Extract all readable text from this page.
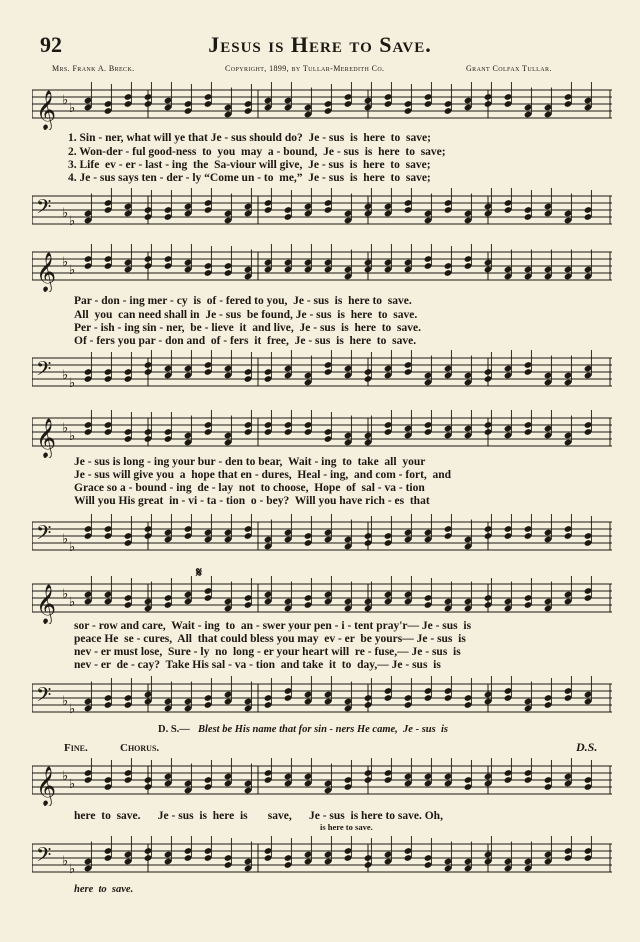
92	Jesus is Here to Save.
Mrs. Frank A. Breck.	Copyright, 1899, by Tullar-Meredith Co.	Grant Colfax Tullar.
𝄞 ♭
♭
𝄢 ♭
♭
𝄞 ♭
♭
𝄢 ♭
♭
𝄞 ♭
♭
𝄢 ♭
♭
𝄞 ♭
♭
𝄢 ♭
♭
𝄞 ♭
♭
𝄢 ♭
♭
1. Sin - ner, what will ye that Je - sus should do?  Je - sus  is  here  to  save;
2. Won-der - ful good-ness  to  you  may  a - bound,  Je - sus  is  here  to  save;
3. Life  ev - er - last - ing  the  Sa-viour will give,  Je - sus  is  here  to  save;
4. Je - sus says ten - der - ly “Come un - to  me,”  Je - sus  is  here  to  save;
Par - don - ing mer - cy  is  of - fered to you,  Je - sus  is  here to  save.
All  you  can need shall in  Je - sus  be found, Je - sus  is  here  to  save.
Per - ish - ing sin - ner,  be - lieve  it  and live,  Je - sus  is  here  to  save.
Of - fers you par - don and  of - fers  it  free,  Je - sus  is  here  to  save.
Je - sus is long - ing your bur - den to bear,  Wait - ing  to  take  all  your
Je - sus will give you  a  hope that en - dures,  Heal - ing,  and com - fort,  and
Grace so a - bound - ing  de - lay  not  to choose,  Hope  of  sal - va - tion
Will you His great  in - vi - ta - tion  o - bey?  Will you have rich - es  that
𝄋
sor - row and care,  Wait - ing  to  an - swer your pen - i - tent pray'r— Je - sus  is
peace He  se - cures,  All  that could bless you may  ev - er  be yours— Je - sus  is
nev - er must lose,  Sure - ly  no  long - er your heart will  re - fuse,— Je - sus  is
nev - er  de - cay?  Take His sal - va - tion  and take  it  to  day,— Je - sus  is
D. S.— Blest be His name that for sin - ners He came,  Je - sus  is
Fine.	Chorus.	D.S.
here  to  save.      Je - sus  is  here  is       save,      Je - sus  is here to save. Oh,
is here to save.
here  to  save.
